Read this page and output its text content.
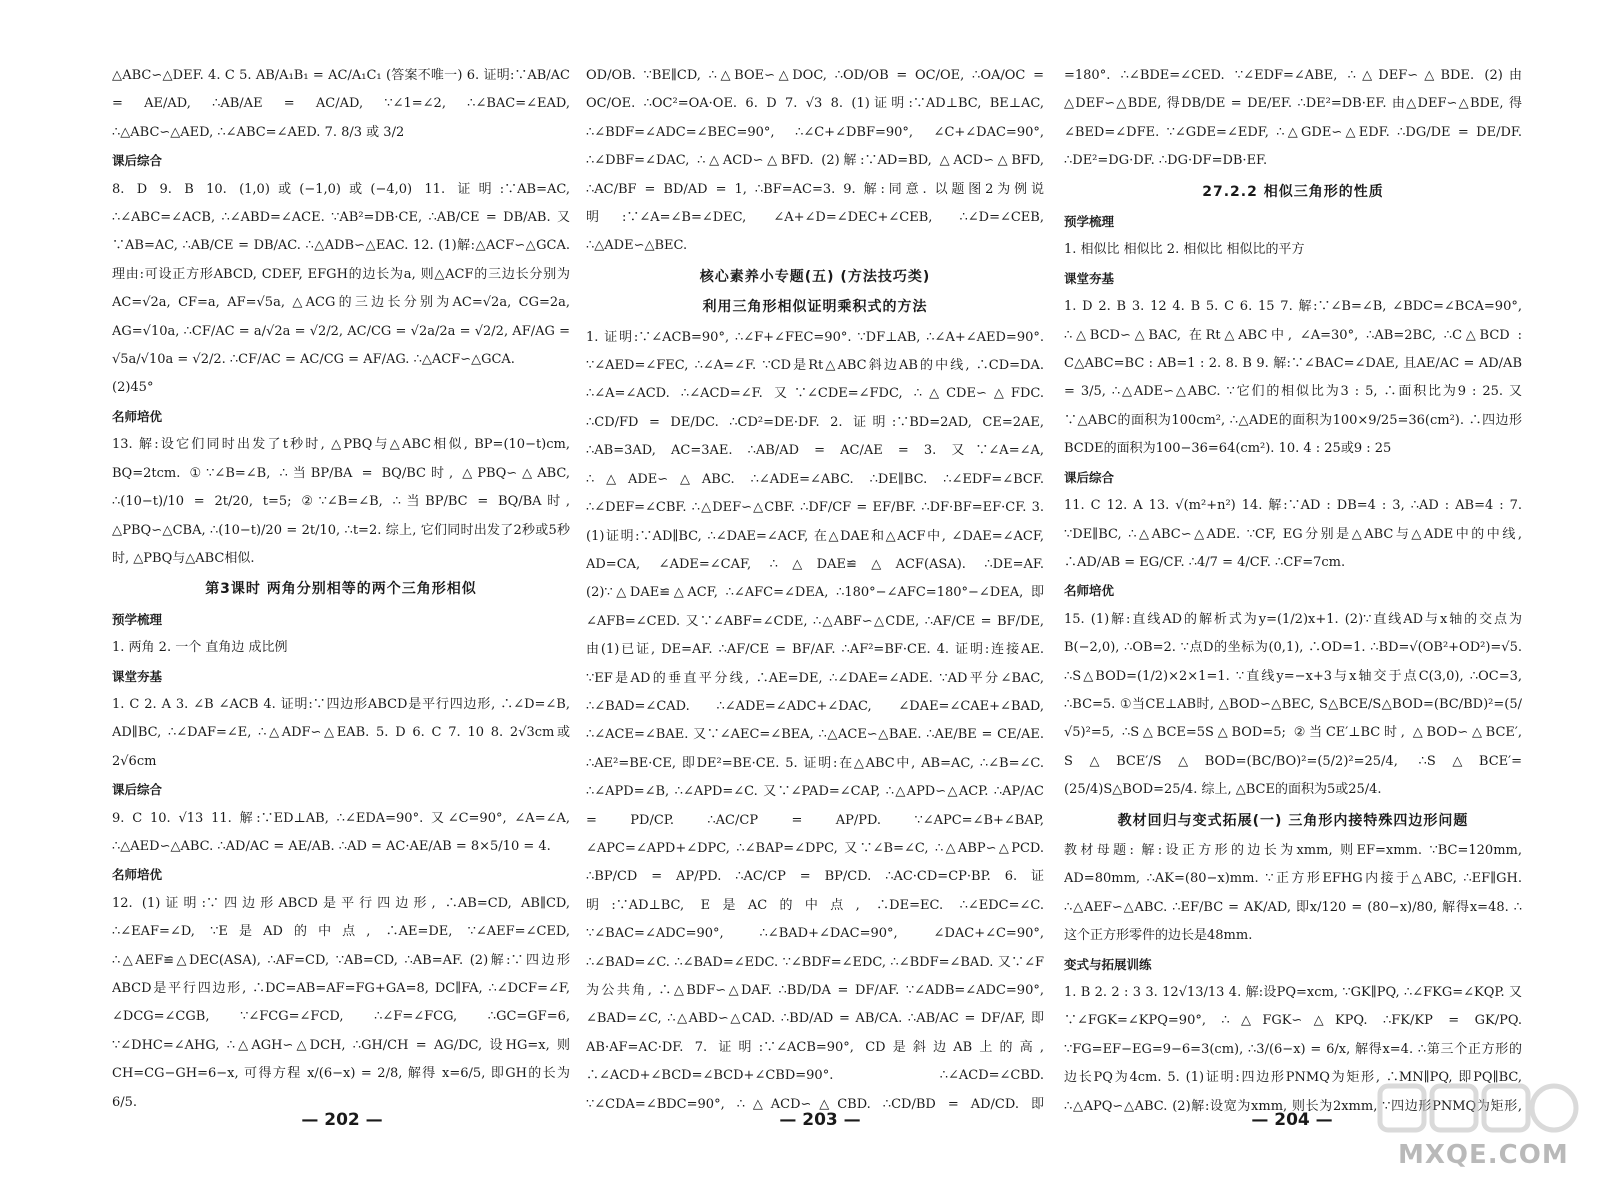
△ABC∽△DEF. 4. C 5. AB/A₁B₁ = AC/A₁C₁ (答案不唯一) 6. 证明:∵AB/AC = AE/AD, ∴AB/AE = AC/AD, ∵∠1=∠2, ∴∠BAC=∠EAD, ∴△ABC∽△AED, ∴∠ABC=∠AED. 7. 8/3 或 3/2

课后综合

8. D 9. B 10. (1,0)或(−1,0)或(−4,0) 11. 证明:∵AB=AC, ∴∠ABC=∠ACB, ∴∠ABD=∠ACE. ∵AB²=DB·CE, ∴AB/CE = DB/AB. 又∵AB=AC, ∴AB/CE = DB/AC. ∴△ADB∽△EAC. 12. (1)解:△ACF∽△GCA. 理由:可设正方形ABCD, CDEF, EFGH的边长为a, 则△ACF的三边长分别为AC=√2a, CF=a, AF=√5a, △ACG的三边长分别为AC=√2a, CG=2a, AG=√10a, ∴CF/AC = a/√2a = √2/2, AC/CG = √2a/2a = √2/2, AF/AG = √5a/√10a = √2/2. ∴CF/AC = AC/CG = AF/AG. ∴△ACF∽△GCA.

(2)45°

名师培优

13. 解:设它们同时出发了t秒时, △PBQ与△ABC相似, BP=(10−t)cm, BQ=2tcm. ①∵∠B=∠B, ∴当BP/BA = BQ/BC时, △PBQ∽△ABC, ∴(10−t)/10 = 2t/20, t=5; ②∵∠B=∠B, ∴当BP/BC = BQ/BA时, △PBQ∽△CBA, ∴(10−t)/20 = 2t/10, ∴t=2. 综上, 它们同时出发了2秒或5秒时, △PBQ与△ABC相似.

第3课时 两角分别相等的两个三角形相似

预学梳理

1. 两角 2. 一个 直角边 成比例

课堂夯基

1. C 2. A 3. ∠B ∠ACB 4. 证明:∵四边形ABCD是平行四边形, ∴∠D=∠B, AD∥BC, ∴∠DAF=∠E, ∴△ADF∽△EAB. 5. D 6. C 7. 10 8. 2√3cm或2√6cm

课后综合

9. C 10. √13 11. 解:∵ED⊥AB, ∴∠EDA=90°. 又∠C=90°, ∠A=∠A, ∴△AED∽△ABC. ∴AD/AC = AE/AB. ∴AD = AC·AE/AB = 8×5/10 = 4.

名师培优

12. (1)证明:∵四边形ABCD是平行四边形, ∴AB=CD, AB∥CD, ∴∠EAF=∠D, ∵E是AD的中点, ∴AE=DE, ∵∠AEF=∠CED, ∴△AEF≌△DEC(ASA), ∴AF=CD, ∵AB=CD, ∴AB=AF. (2)解:∵四边形ABCD是平行四边形, ∴DC=AB=AF=FG+GA=8, DC∥FA, ∴∠DCF=∠F, ∠DCG=∠CGB, ∵∠FCG=∠FCD, ∴∠F=∠FCG, ∴GC=GF=6, ∵∠DHC=∠AHG, ∴△AGH∽△DCH, ∴GH/CH = AG/DC, 设HG=x, 则CH=CG−GH=6−x, 可得方程 x/(6−x) = 2/8, 解得 x=6/5, 即GH的长为6/5.

OD/OB. ∵BE∥CD, ∴△BOE∽△DOC, ∴OD/OB = OC/OE, ∴OA/OC = OC/OE. ∴OC²=OA·OE. 6. D 7. √3 8. (1)证明:∵AD⊥BC, BE⊥AC, ∴∠BDF=∠ADC=∠BEC=90°, ∴∠C+∠DBF=90°, ∠C+∠DAC=90°, ∴∠DBF=∠DAC, ∴△ACD∽△BFD. (2)解:∵AD=BD, △ACD∽△BFD, ∴AC/BF = BD/AD = 1, ∴BF=AC=3. 9. 解:同意. 以题图2为例说明:∵∠A=∠B=∠DEC, ∠A+∠D=∠DEC+∠CEB, ∴∠D=∠CEB, ∴△ADE∽△BEC.

核心素养小专题(五) (方法技巧类)

利用三角形相似证明乘积式的方法

1. 证明:∵∠ACB=90°, ∴∠F+∠FEC=90°. ∵DF⊥AB, ∴∠A+∠AED=90°. ∵∠AED=∠FEC, ∴∠A=∠F. ∵CD是Rt△ABC斜边AB的中线, ∴CD=DA. ∴∠A=∠ACD. ∴∠ACD=∠F. 又∵∠CDE=∠FDC, ∴△CDE∽△FDC. ∴CD/FD = DE/DC. ∴CD²=DE·DF. 2. 证明:∵BD=2AD, CE=2AE, ∴AB=3AD, AC=3AE. ∴AB/AD = AC/AE = 3. 又∵∠A=∠A, ∴△ADE∽△ABC. ∴∠ADE=∠ABC. ∴DE∥BC. ∴∠EDF=∠BCF. ∴∠DEF=∠CBF. ∴△DEF∽△CBF. ∴DF/CF = EF/BF. ∴DF·BF=EF·CF. 3. (1)证明:∵AD∥BC, ∴∠DAE=∠ACF, 在△DAE和△ACF中, ∠DAE=∠ACF, AD=CA, ∠ADE=∠CAF, ∴△DAE≌△ACF(ASA). ∴DE=AF. (2)∵△DAE≌△ACF, ∴∠AFC=∠DEA, ∴180°−∠AFC=180°−∠DEA, 即∠AFB=∠CED. 又∵∠ABF=∠CDE, ∴△ABF∽△CDE, ∴AF/CE = BF/DE, 由(1)已证, DE=AF. ∴AF/CE = BF/AF. ∴AF²=BF·CE. 4. 证明:连接AE. ∵EF是AD的垂直平分线, ∴AE=DE, ∴∠DAE=∠ADE. ∵AD平分∠BAC, ∴∠BAD=∠CAD. ∴∠ADE=∠ADC+∠DAC, ∠DAE=∠CAE+∠BAD, ∴∠ACE=∠BAE. 又∵∠AEC=∠BEA, ∴△ACE∽△BAE. ∴AE/BE = CE/AE. ∴AE²=BE·CE, 即DE²=BE·CE. 5. 证明:在△ABC中, AB=AC, ∴∠B=∠C. ∴∠APD=∠B, ∴∠APD=∠C. 又∵∠PAD=∠CAP, ∴△APD∽△ACP. ∴AP/AC = PD/CP. ∴AC/CP = AP/PD. ∵∠APC=∠B+∠BAP, ∠APC=∠APD+∠DPC, ∴∠BAP=∠DPC, 又∵∠B=∠C, ∴△ABP∽△PCD. ∴BP/CD = AP/PD. ∴AC/CP = BP/CD. ∴AC·CD=CP·BP. 6. 证明:∵AD⊥BC, E是AC的中点, ∴DE=EC. ∴∠EDC=∠C. ∵∠BAC=∠ADC=90°, ∴∠BAD+∠DAC=90°, ∠DAC+∠C=90°, ∴∠BAD=∠C. ∴∠BAD=∠EDC. ∵∠BDF=∠EDC, ∴∠BDF=∠BAD. 又∵∠F为公共角, ∴△BDF∽△DAF. ∴BD/DA = DF/AF. ∵∠ADB=∠ADC=90°, ∠BAD=∠C, ∴△ABD∽△CAD. ∴BD/AD = AB/CA. ∴AB/AC = DF/AF, 即AB·AF=AC·DF. 7. 证明:∵∠ACB=90°, CD是斜边AB上的高, ∴∠ACD+∠BCD=∠BCD+∠CBD=90°. ∴∠ACD=∠CBD. ∵∠CDA=∠BDC=90°, ∴△ACD∽△CBD. ∴CD/BD = AD/CD. 即

=180°. ∴∠BDE=∠CED. ∵∠EDF=∠ABE, ∴△DEF∽△BDE. (2)由△DEF∽△BDE, 得DB/DE = DE/EF. ∴DE²=DB·EF. 由△DEF∽△BDE, 得∠BED=∠DFE. ∵∠GDE=∠EDF, ∴△GDE∽△EDF. ∴DG/DE = DE/DF. ∴DE²=DG·DF. ∴DG·DF=DB·EF.

27.2.2 相似三角形的性质

预学梳理

1. 相似比 相似比 2. 相似比 相似比的平方

课堂夯基

1. D 2. B 3. 12 4. B 5. C 6. 15 7. 解:∵∠B=∠B, ∠BDC=∠BCA=90°, ∴△BCD∽△BAC, 在Rt△ABC中, ∠A=30°, ∴AB=2BC, ∴C△BCD : C△ABC=BC : AB=1 : 2. 8. B 9. 解:∵∠BAC=∠DAE, 且AE/AC = AD/AB = 3/5, ∴△ADE∽△ABC. ∵它们的相似比为3 : 5, ∴面积比为9 : 25. 又∵△ABC的面积为100cm², ∴△ADE的面积为100×9/25=36(cm²). ∴四边形BCDE的面积为100−36=64(cm²). 10. 4 : 25或9 : 25

课后综合

11. C 12. A 13. √(m²+n²) 14. 解:∵AD : DB=4 : 3, ∴AD : AB=4 : 7. ∵DE∥BC, ∴△ABC∽△ADE. ∵CF, EG分别是△ABC与△ADE中的中线, ∴AD/AB = EG/CF. ∴4/7 = 4/CF. ∴CF=7cm.

名师培优

15. (1)解:直线AD的解析式为y=(1/2)x+1. (2)∵直线AD与x轴的交点为B(−2,0), ∴OB=2. ∵点D的坐标为(0,1), ∴OD=1. ∴BD=√(OB²+OD²)=√5. ∴S△BOD=(1/2)×2×1=1. ∵直线y=−x+3与x轴交于点C(3,0), ∴OC=3, ∴BC=5. ①当CE⊥AB时, △BOD∽△BEC, S△BCE/S△BOD=(BC/BD)²=(5/√5)²=5, ∴S△BCE=5S△BOD=5; ②当CE′⊥BC时, △BOD∽△BCE′, S△BCE′/S△BOD=(BC/BO)²=(5/2)²=25/4, ∴S△BCE′=(25/4)S△BOD=25/4. 综上, △BCE的面积为5或25/4.

教材回归与变式拓展(一) 三角形内接特殊四边形问题

教材母题: 解:设正方形的边长为xmm, 则EF=xmm. ∵BC=120mm, AD=80mm, ∴AK=(80−x)mm. ∵正方形EFHG内接于△ABC, ∴EF∥GH. ∴△AEF∽△ABC. ∴EF/BC = AK/AD, 即x/120 = (80−x)/80, 解得x=48. ∴这个正方形零件的边长是48mm.

变式与拓展训练

1. B 2. 2 : 3 3. 12√13/13 4. 解:设PQ=xcm, ∵GK∥PQ, ∴∠FKG=∠KQP. 又∵∠FGK=∠KPQ=90°, ∴△FGK∽△KPQ. ∴FK/KP = GK/PQ. ∵FG=EF−EG=9−6=3(cm), ∴3/(6−x) = 6/x, 解得x=4. ∴第三个正方形的边长PQ为4cm. 5. (1)证明:四边形PNMQ为矩形, ∴MN∥PQ, 即PQ∥BC, ∴△APQ∽△ABC. (2)解:设宽为xmm, 则长为2xmm, ∵四边形PNMQ为矩形,

— 202 —	— 203 —	— 204 —
MXQE.COM
